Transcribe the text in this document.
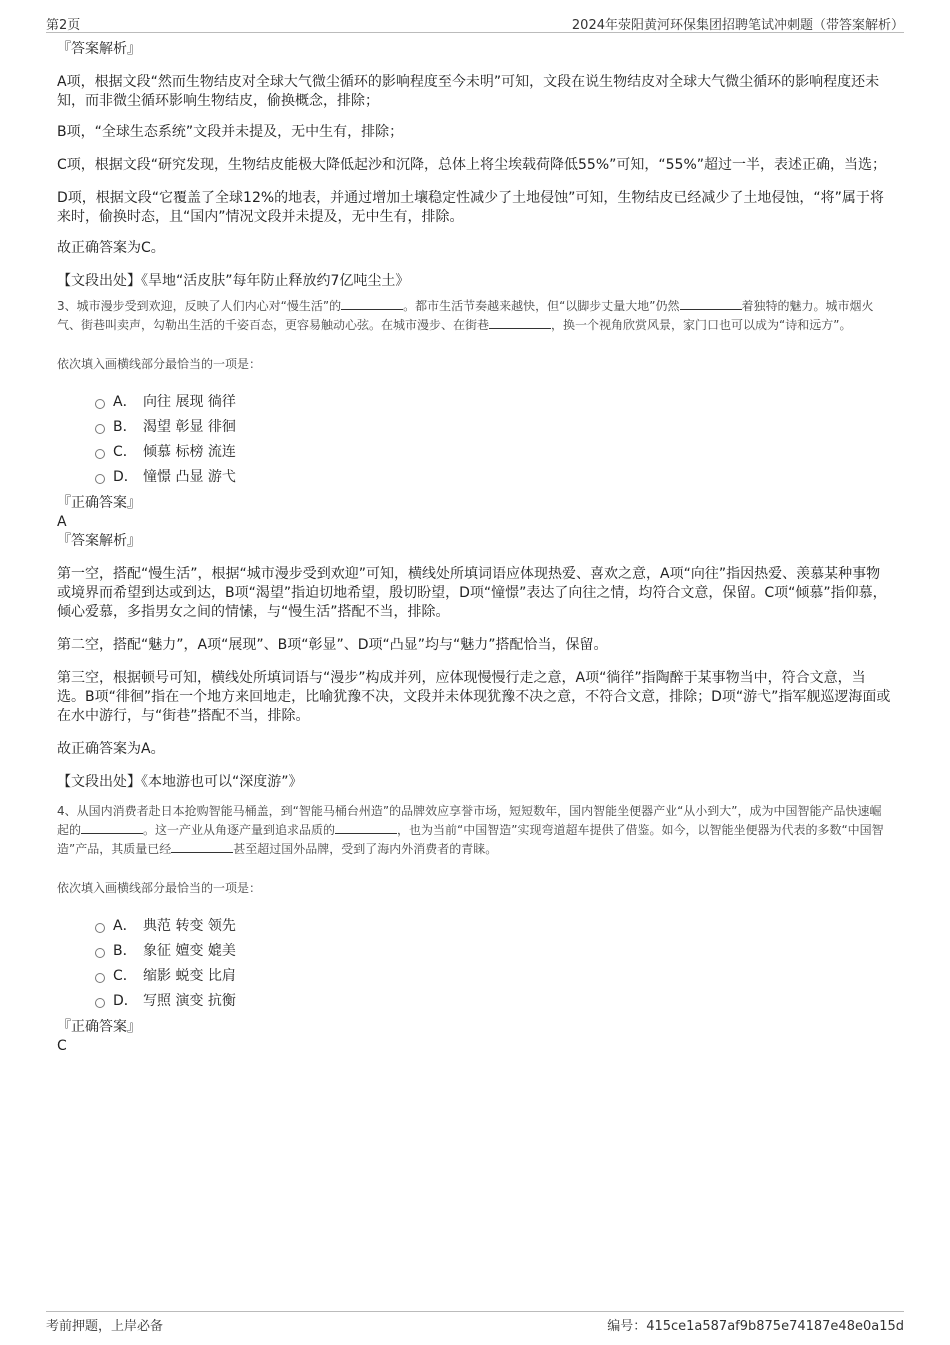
第2页	2024年荥阳黄河环保集团招聘笔试冲刺题（带答案解析）

『答案解析』

A项，根据文段“然而生物结皮对全球大气微尘循环的影响程度至今未明”可知，文段在说生物结皮对全球大气微尘循环的影响程度还未知，而非微尘循环影响生物结皮，偷换概念，排除；

B项，“全球生态系统”文段并未提及，无中生有，排除；

C项，根据文段“研究发现，生物结皮能极大降低起沙和沉降，总体上将尘埃载荷降低55%”可知，“55%”超过一半，表述正确，当选；

D项，根据文段“它覆盖了全球12%的地表，并通过增加土壤稳定性减少了土地侵蚀”可知，生物结皮已经减少了土地侵蚀，“将”属于将来时，偷换时态，且“国内”情况文段并未提及，无中生有，排除。

故正确答案为C。

【文段出处】《旱地“活皮肤”每年防止释放约7亿吨尘土》

3、城市漫步受到欢迎，反映了人们内心对“慢生活”的	。都市生活节奏越来越快，但“以脚步丈量大地”仍然	着独特的魅力。城市烟火气、街巷叫卖声，勾勒出生活的千姿百态，更容易触动心弦。在城市漫步、在街巷	，换一个视角欣赏风景，家门口也可以成为“诗和远方”。

依次填入画横线部分最恰当的一项是：

A． 向往 展现 徜徉
B． 渴望 彰显 徘徊
C． 倾慕 标榜 流连
D． 憧憬 凸显 游弋

『正确答案』

A

『答案解析』

第一空，搭配“慢生活”，根据“城市漫步受到欢迎”可知，横线处所填词语应体现热爱、喜欢之意，A项“向往”指因热爱、羡慕某种事物或境界而希望到达或到达，B项“渴望”指迫切地希望，殷切盼望，D项“憧憬”表达了向往之情，均符合文意，保留。C项“倾慕”指仰慕，倾心爱慕，多指男女之间的情愫，与“慢生活”搭配不当，排除。

第二空，搭配“魅力”，A项“展现”、B项“彰显”、D项“凸显”均与“魅力”搭配恰当，保留。

第三空，根据顿号可知，横线处所填词语与“漫步”构成并列，应体现慢慢行走之意，A项“徜徉”指陶醉于某事物当中，符合文意，当选。B项“徘徊”指在一个地方来回地走，比喻犹豫不决，文段并未体现犹豫不决之意，不符合文意，排除；D项“游弋”指军舰巡逻海面或在水中游行，与“街巷”搭配不当，排除。

故正确答案为A。

【文段出处】《本地游也可以“深度游”》

4、从国内消费者赴日本抢购智能马桶盖，到“智能马桶台州造”的品牌效应享誉市场，短短数年，国内智能坐便器产业“从小到大”，成为中国智能产品快速崛起的	。这一产业从角逐产量到追求品质的	，也为当前“中国智造”实现弯道超车提供了借鉴。如今，以智能坐便器为代表的多数“中国智造”产品，其质量已经	甚至超过国外品牌，受到了海内外消费者的青睐。

依次填入画横线部分最恰当的一项是：

A． 典范 转变 领先
B． 象征 嬗变 媲美
C． 缩影 蜕变 比肩
D． 写照 演变 抗衡

『正确答案』

C

考前押题，上岸必备	编号：415ce1a587af9b875e74187e48e0a15d
